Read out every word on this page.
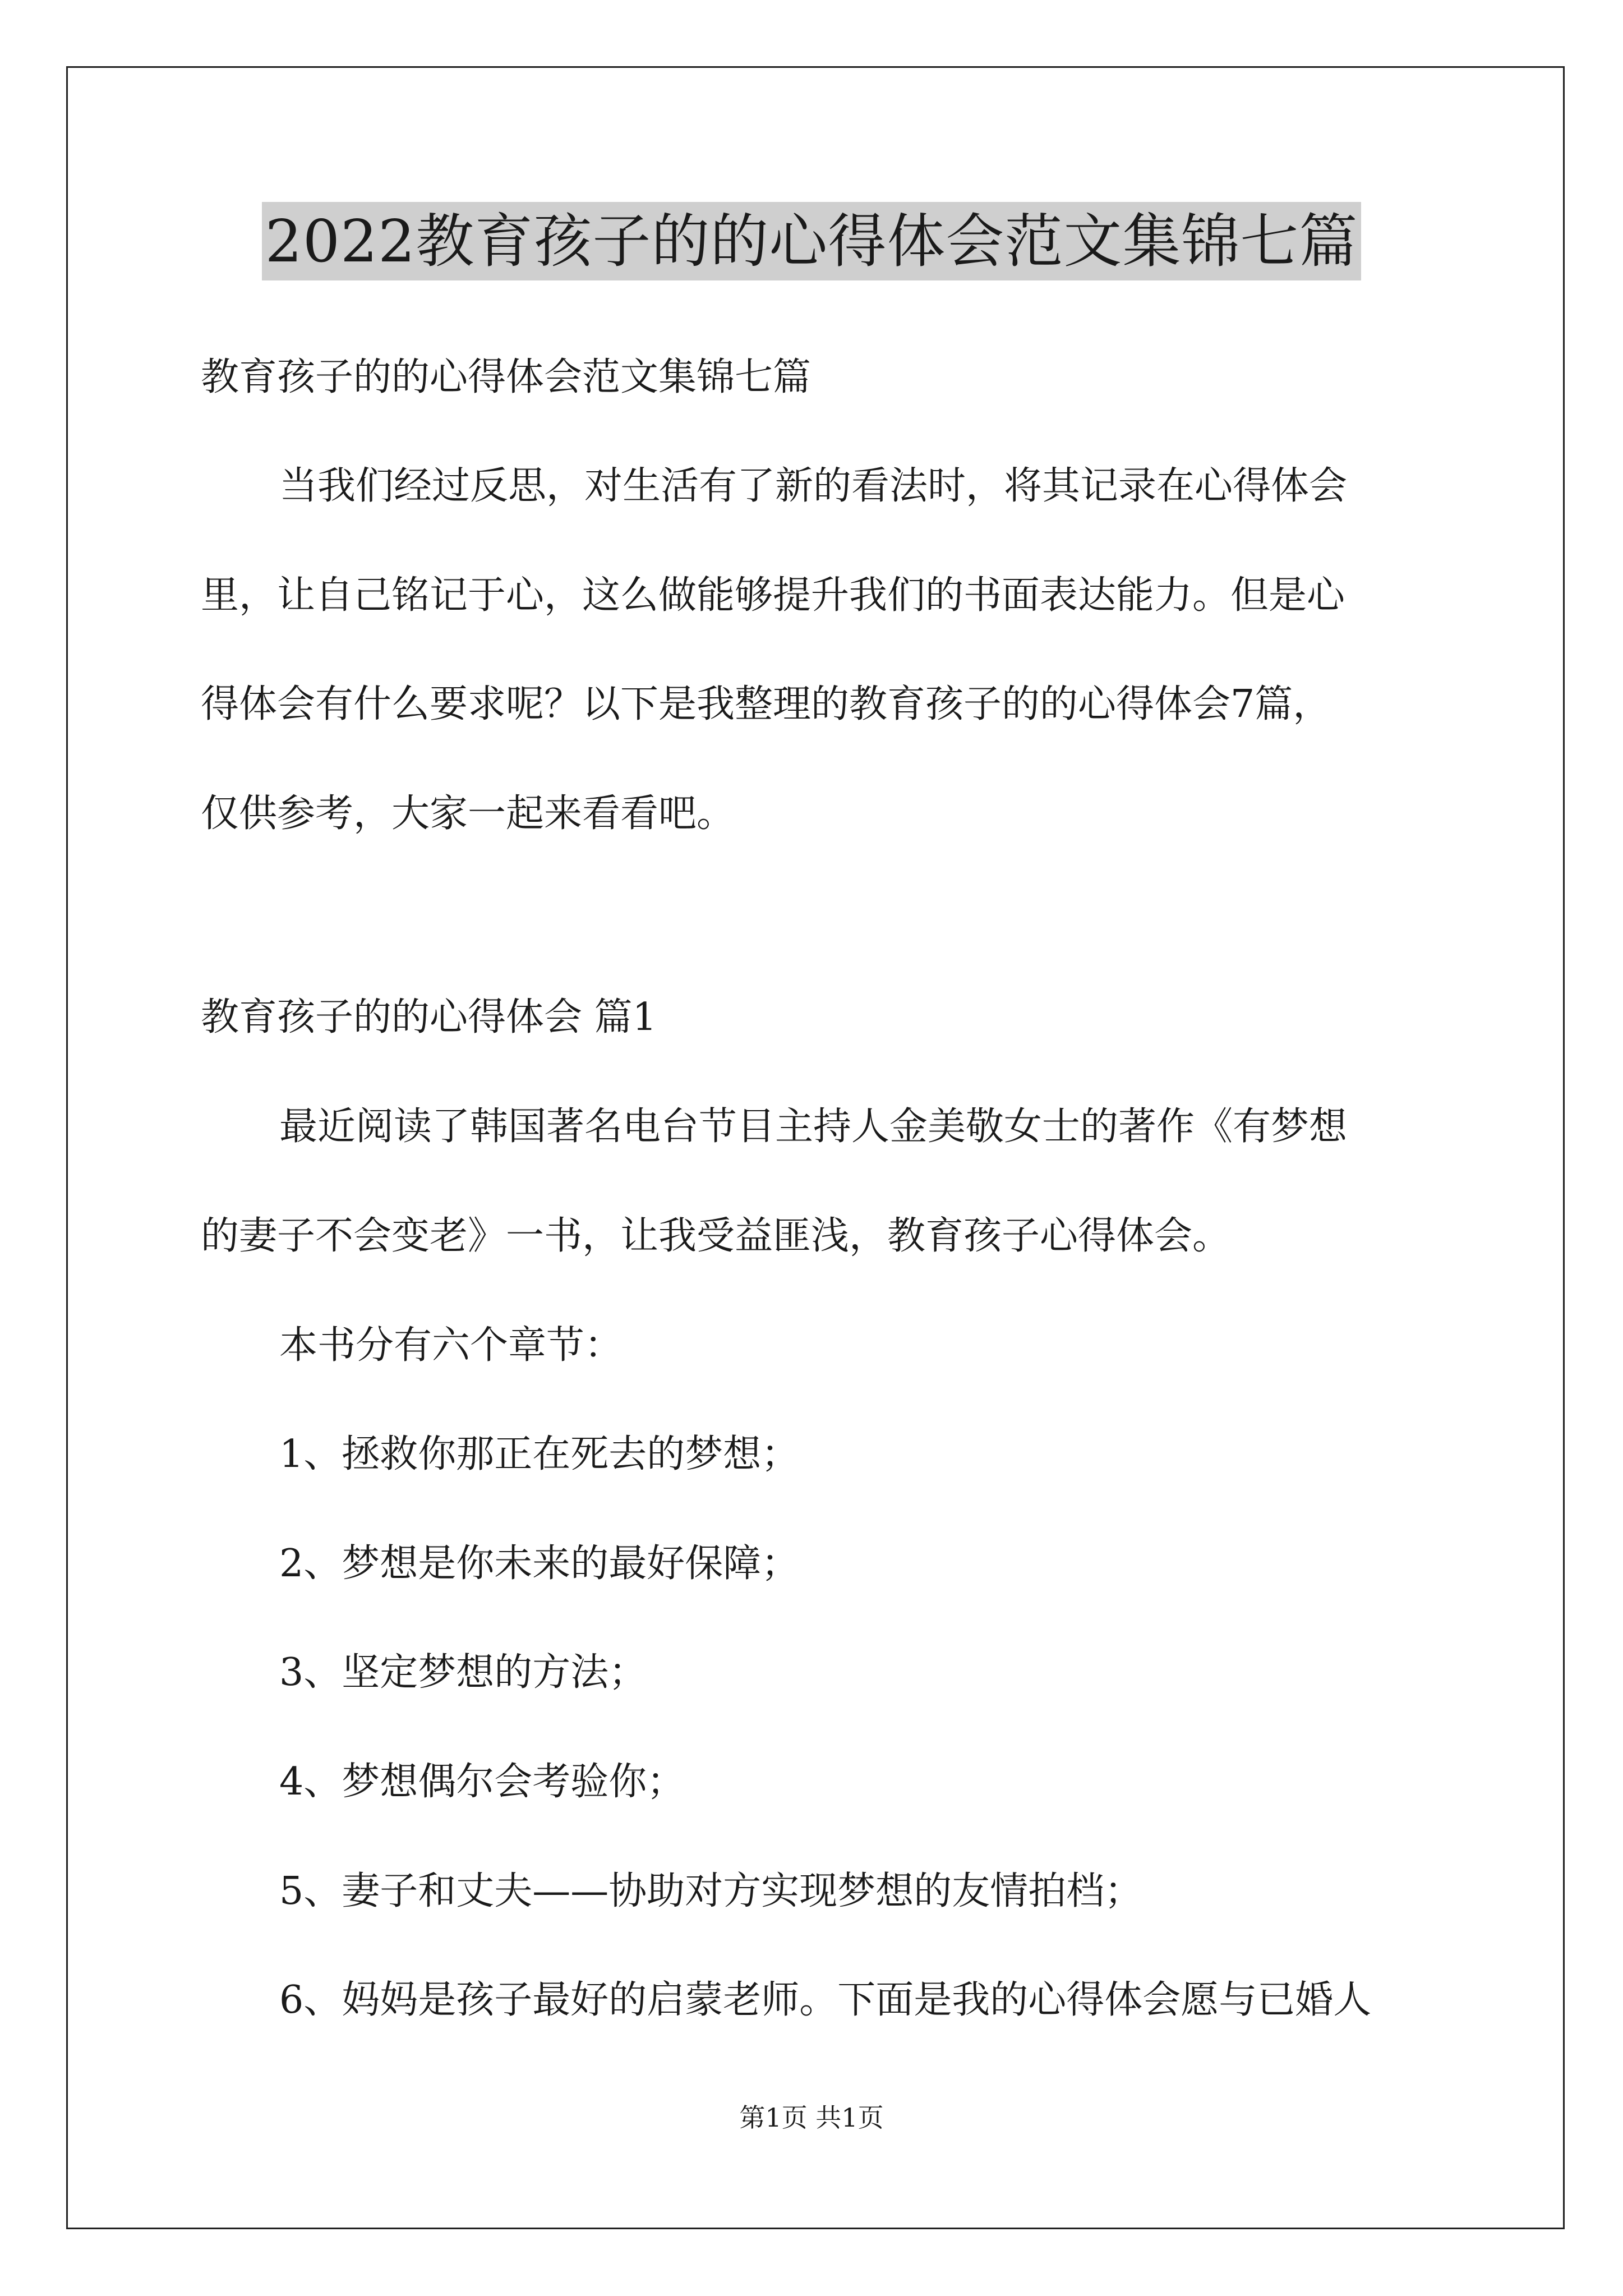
2022教育孩子的的心得体会范文集锦七篇
教育孩子的的心得体会范文集锦七篇
当我们经过反思，对生活有了新的看法时，将其记录在心得体会
里，让自己铭记于心，这么做能够提升我们的书面表达能力。但是心
得体会有什么要求呢？以下是我整理的教育孩子的的心得体会7篇，
仅供参考，大家一起来看看吧。
教育孩子的的心得体会 篇1
最近阅读了韩国著名电台节目主持人金美敬女士的著作《有梦想
的妻子不会变老》一书，让我受益匪浅，教育孩子心得体会。
本书分有六个章节：
1、拯救你那正在死去的梦想；
2、梦想是你未来的最好保障；
3、坚定梦想的方法；
4、梦想偶尔会考验你；
5、妻子和丈夫——协助对方实现梦想的友情拍档；
6、妈妈是孩子最好的启蒙老师。下面是我的心得体会愿与已婚人
第1页 共1页
